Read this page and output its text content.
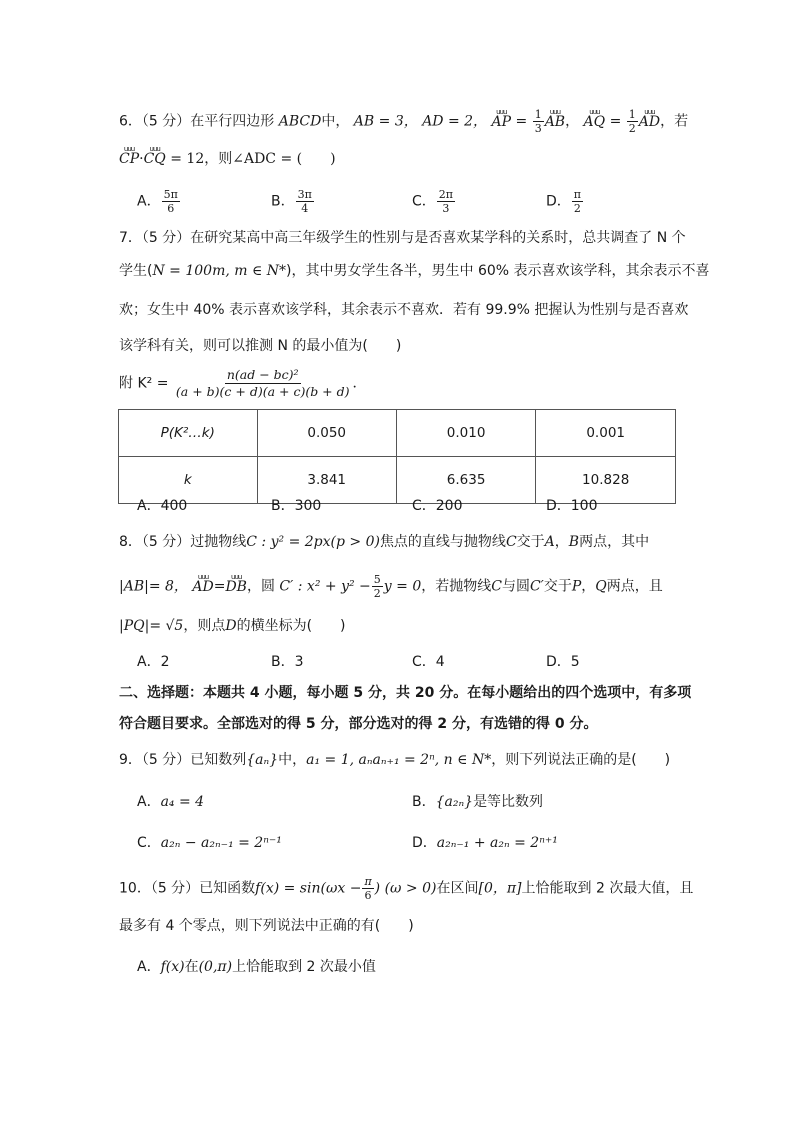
6．（5 分）在平行四边形 ABCD中， AB = 3， AD = 2， uuu AP = $\frac{1}{3}$ uuu AB， uuu AQ = $\frac{1}{2}$ uuu AD，若
uuu CP·uuu CQ = 12，则∠ADC = (　　)
A． $\frac{5\pi}{6}$	B． $\frac{3\pi}{4}$	C． $\frac{2\pi}{3}$	D． $\frac{\pi}{2}$
7．（5 分）在研究某高中高三年级学生的性别与是否喜欢某学科的关系时，总共调查了 N 个
学生(N = 100m, m ∈ N*)，其中男女学生各半，男生中 60% 表示喜欢该学科，其余表示不喜
欢；女生中 40% 表示喜欢该学科，其余表示不喜欢．若有 99.9% 把握认为性别与是否喜欢
该学科有关，则可以推测 N 的最小值为(　　)
附 $K^2 = \frac{\text{n(ad − bc)²}}{(a + b)(c + d)(a + c)(b + d)}$ ．
P(K²…k)	0.050	0.010	0.001
k	3.841	6.635	10.828
A．400	B．300	C．200	D．100
8．（5 分）过抛物线C : y² = 2px(p > 0)焦点的直线与抛物线C交于A，B两点，其中
|AB|= 8， uuu AD=uuu DB，圆 C′ : $x^2 + y^2 - \frac{5}{2}$ y = 0，若抛物线C与圆C′交于P，Q两点，且
|PQ|= √5，则点D的横坐标为(　　)
A．2	B．3	C．4	D．5
二、选择题：本题共 4 小题，每小题 5 分，共 20 分。在每小题给出的四个选项中，有多项
符合题目要求。全部选对的得 5 分，部分选对的得 2 分，有选错的得 0 分。
9．（5 分）已知数列{aₙ}中，a₁ = 1, aₙaₙ₊₁ = 2ⁿ, n ∈ N*，则下列说法正确的是(　　)
A．a₄ = 4	B．{a₂ₙ}是等比数列
C．a₂ₙ − a₂ₙ₋₁ = 2ⁿ⁻¹	D．a₂ₙ₋₁ + a₂ₙ = 2ⁿ⁺¹
10．（5 分）已知函数$f(x) = \sin(\omega x - \frac{\pi}{6}$ ) (ω > 0)在区间[0，π]上恰能取到 2 次最大值，且
最多有 4 个零点，则下列说法中正确的有(　　)
A．f(x)在(0,π)上恰能取到 2 次最小值
